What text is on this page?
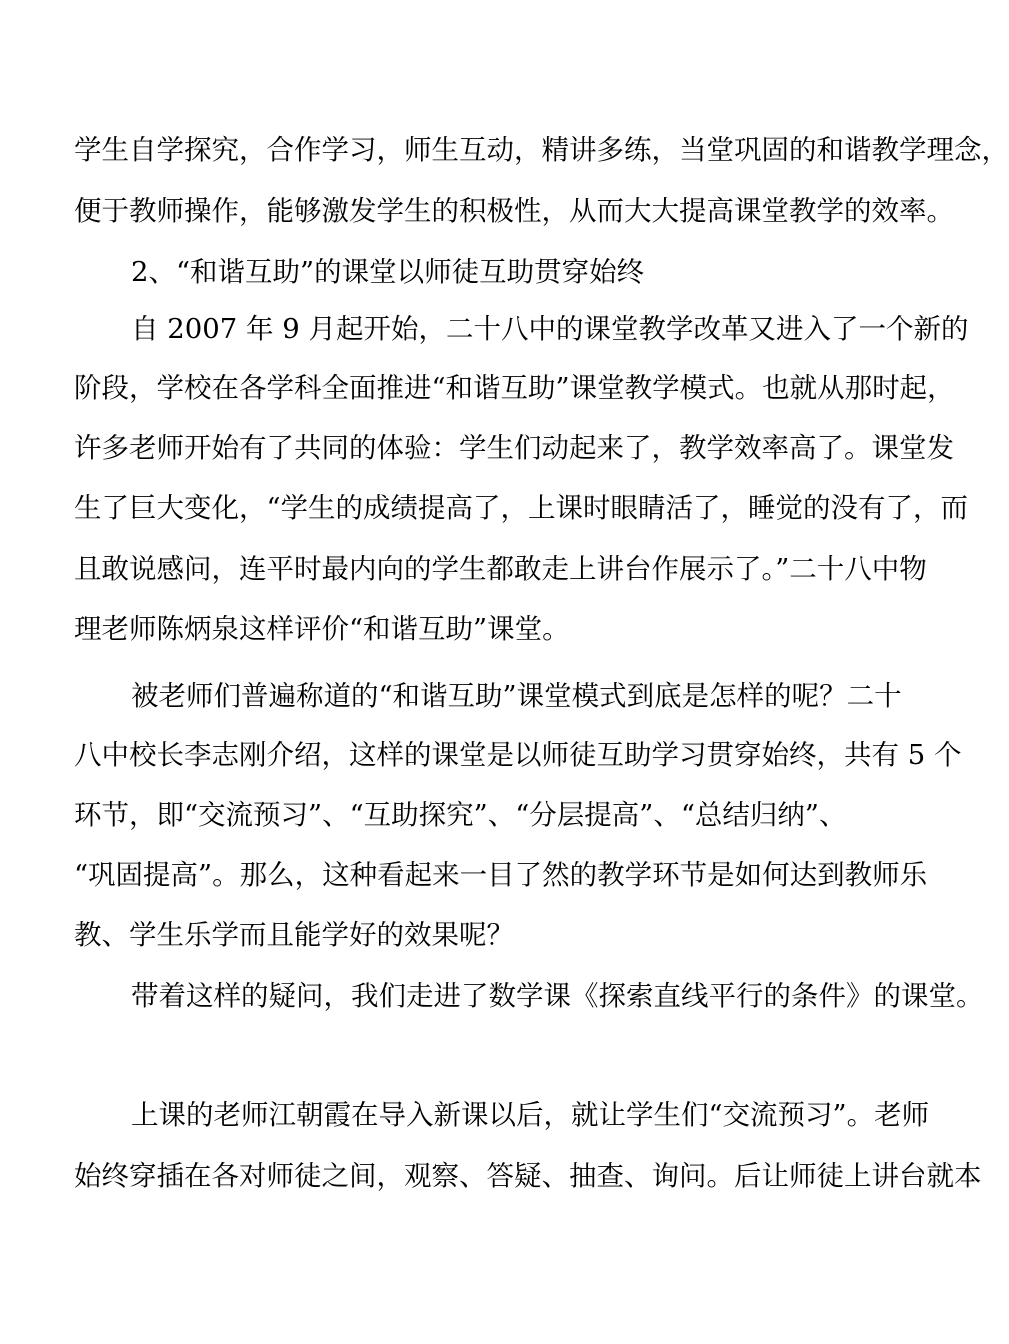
学生自学探究，合作学习，师生互动，精讲多练，当堂巩固的和谐教学理念，
便于教师操作，能够激发学生的积极性，从而大大提高课堂教学的效率。
2、“和谐互助”的课堂以师徒互助贯穿始终
自 2007 年 9 月起开始，二十八中的课堂教学改革又进入了一个新的
阶段，学校在各学科全面推进“和谐互助”课堂教学模式。也就从那时起，
许多老师开始有了共同的体验：学生们动起来了，教学效率高了。课堂发
生了巨大变化，“学生的成绩提高了，上课时眼睛活了，睡觉的没有了，而
且敢说感问，连平时最内向的学生都敢走上讲台作展示了。”二十八中物
理老师陈炳泉这样评价“和谐互助”课堂。
被老师们普遍称道的“和谐互助”课堂模式到底是怎样的呢？二十
八中校长李志刚介绍，这样的课堂是以师徒互助学习贯穿始终，共有 5 个
环节，即“交流预习”、“互助探究”、“分层提高”、“总结归纳”、
“巩固提高”。那么，这种看起来一目了然的教学环节是如何达到教师乐
教、学生乐学而且能学好的效果呢？
带着这样的疑问，我们走进了数学课《探索直线平行的条件》的课堂。
上课的老师江朝霞在导入新课以后，就让学生们“交流预习”。老师
始终穿插在各对师徒之间，观察、答疑、抽查、询问。后让师徒上讲台就本
